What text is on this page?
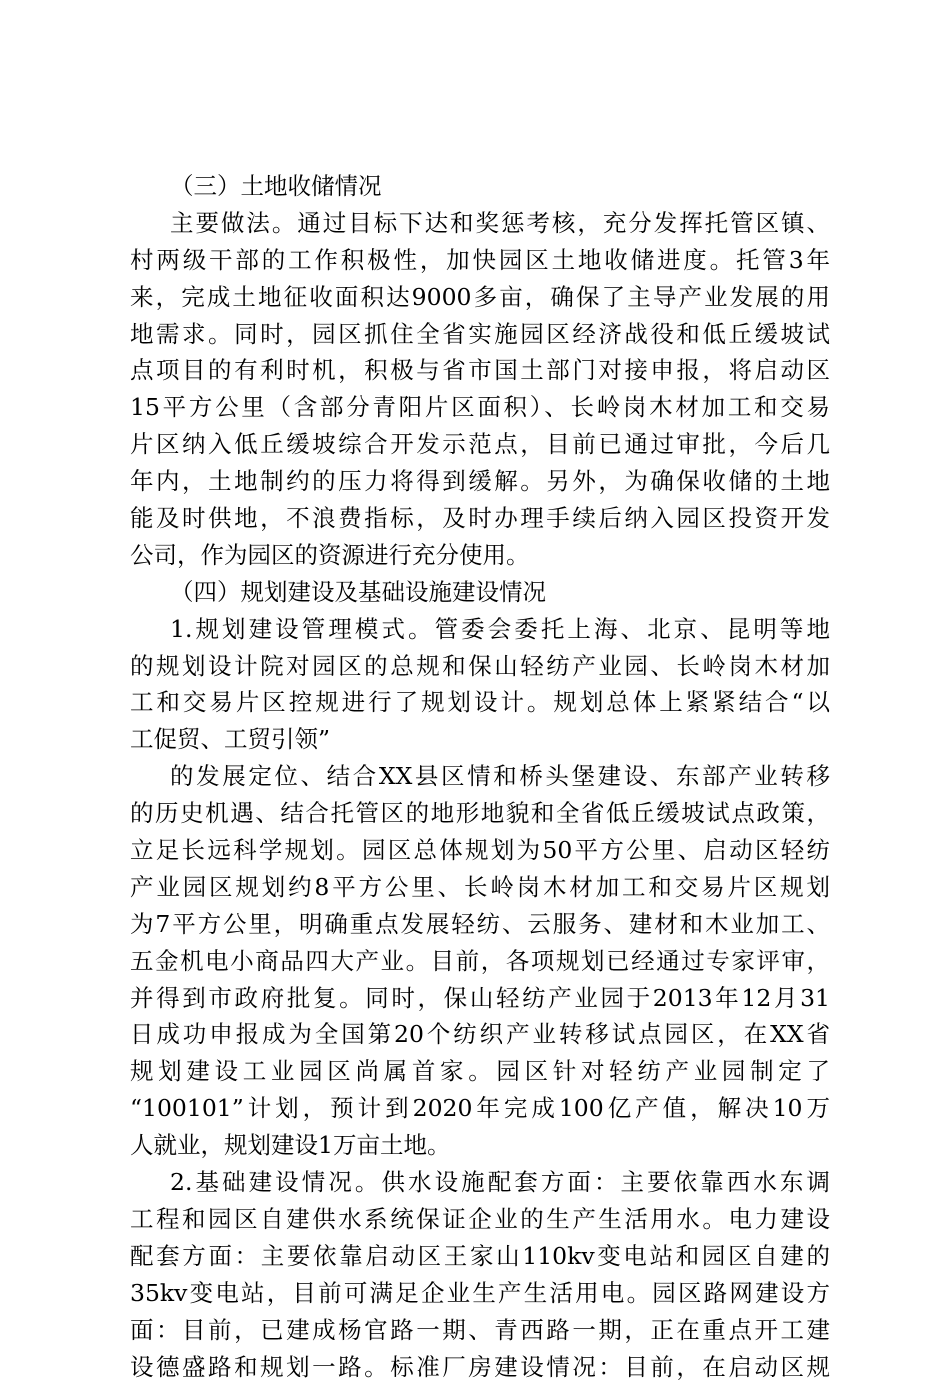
（三）土地收储情况
主要做法。通过目标下达和奖惩考核，充分发挥托管区镇、
村两级干部的工作积极性，加快园区土地收储进度。托管3年
来，完成土地征收面积达9000多亩，确保了主导产业发展的用
地需求。同时，园区抓住全省实施园区经济战役和低丘缓坡试
点项目的有利时机，积极与省市国土部门对接申报，将启动区
15平方公里（含部分青阳片区面积）、长岭岗木材加工和交易
片区纳入低丘缓坡综合开发示范点，目前已通过审批，今后几
年内，土地制约的压力将得到缓解。另外，为确保收储的土地
能及时供地，不浪费指标，及时办理手续后纳入园区投资开发
公司，作为园区的资源进行充分使用。
（四）规划建设及基础设施建设情况
1.规划建设管理模式。管委会委托上海、北京、昆明等地
的规划设计院对园区的总规和保山轻纺产业园、长岭岗木材加
工和交易片区控规进行了规划设计。规划总体上紧紧结合“以
工促贸、工贸引领”
的发展定位、结合XX县区情和桥头堡建设、东部产业转移
的历史机遇、结合托管区的地形地貌和全省低丘缓坡试点政策，
立足长远科学规划。园区总体规划为50平方公里、启动区轻纺
产业园区规划约8平方公里、长岭岗木材加工和交易片区规划
为7平方公里，明确重点发展轻纺、云服务、建材和木业加工、
五金机电小商品四大产业。目前，各项规划已经通过专家评审，
并得到市政府批复。同时，保山轻纺产业园于2013年12月31
日成功申报成为全国第20个纺织产业转移试点园区，在XX省
规划建设工业园区尚属首家。园区针对轻纺产业园制定了
“100101”计划，预计到2020年完成100亿产值，解决10万
人就业，规划建设1万亩土地。
2.基础建设情况。供水设施配套方面：主要依靠西水东调
工程和园区自建供水系统保证企业的生产生活用水。电力建设
配套方面：主要依靠启动区王家山110kv变电站和园区自建的
35kv变电站，目前可满足企业生产生活用电。园区路网建设方
面：目前，已建成杨官路一期、青西路一期，正在重点开工建
设德盛路和规划一路。标准厂房建设情况：目前，在启动区规
